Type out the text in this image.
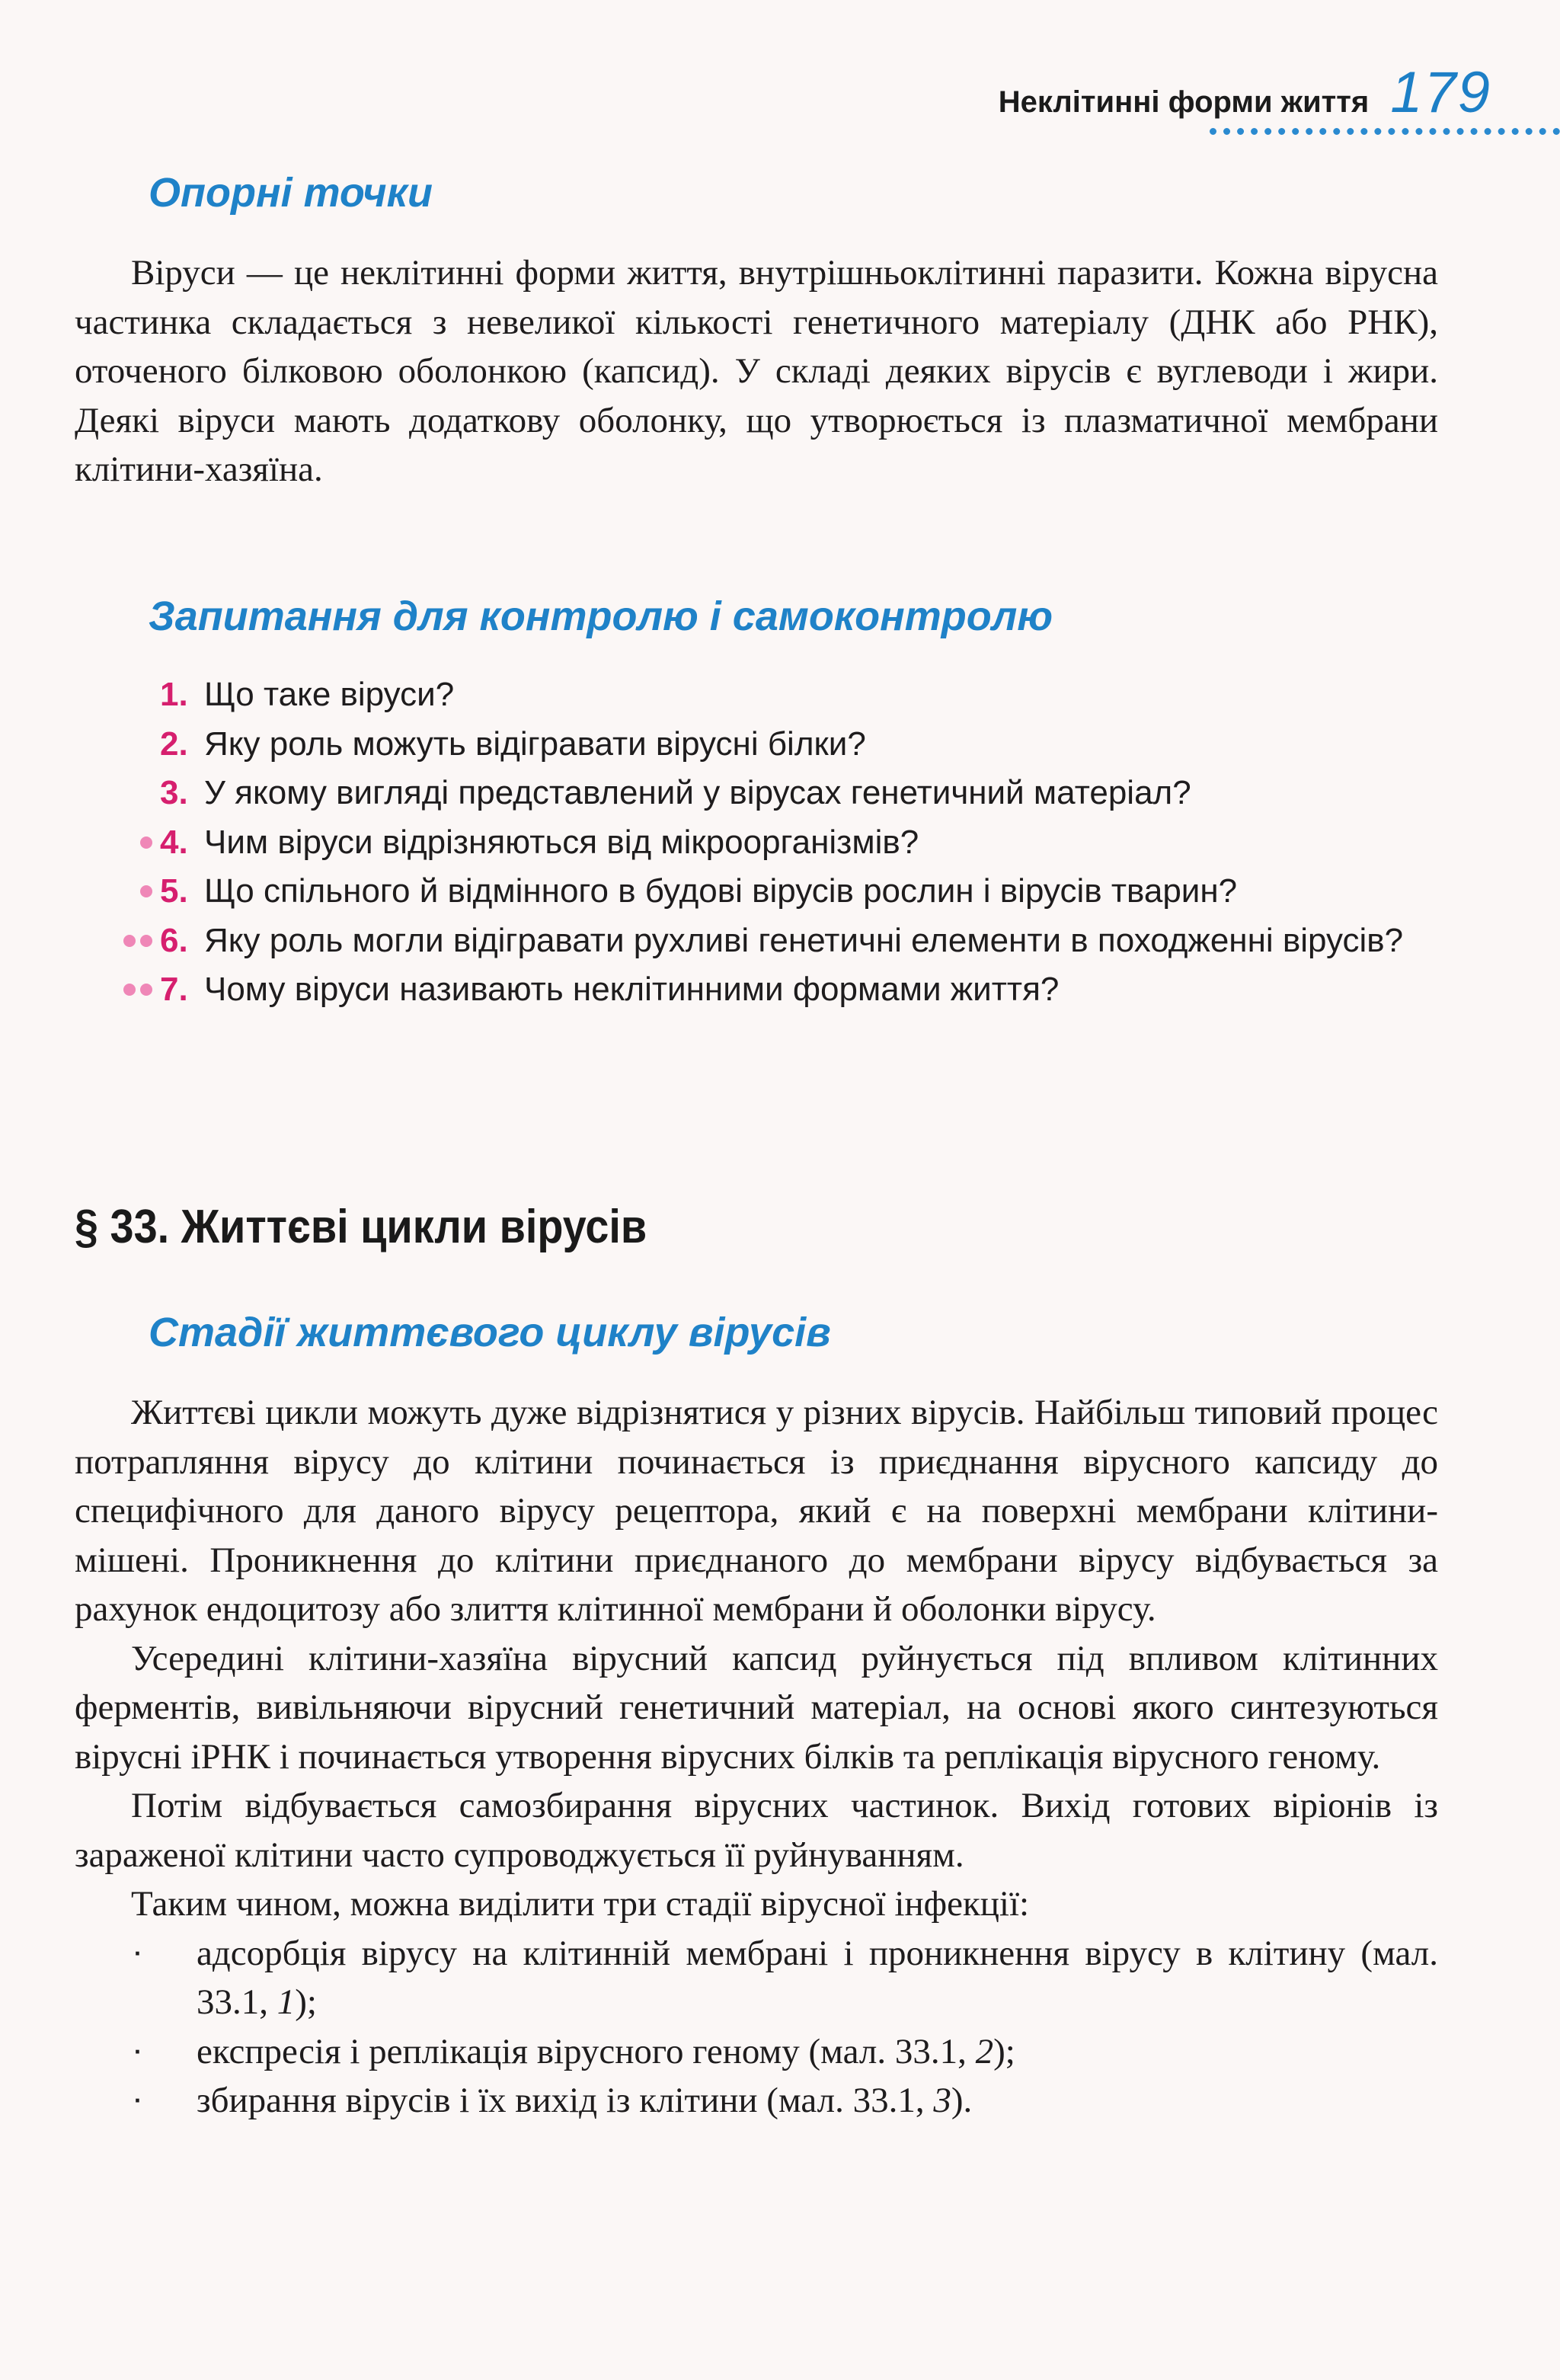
Неклітинні форми життя 179
Опорні точки

Віруси — це неклітинні форми життя, внутрішньоклітинні паразити. Кожна вірусна частинка складається з невеликої кількості генетичного матеріалу (ДНК або РНК), оточеного білковою оболонкою (капсид). У складі деяких вірусів є вуглеводи і жири. Деякі віруси мають додаткову оболонку, що утворюється із плазматичної мембрани клітини-хазяїна.

Запитання для контролю і самоконтролю
1. Що таке віруси?
2. Яку роль можуть відігравати вірусні білки?
3. У якому вигляді представлений у вірусах генетичний матеріал?
4. Чим віруси відрізняються від мікроорганізмів?
5. Що спільного й відмінного в будові вірусів рослин і вірусів тварин?
6. Яку роль могли відігравати рухливі генетичні елементи в походженні вірусів?
7. Чому віруси називають неклітинними формами життя?
§ 33. Життєві цикли вірусів
Стадії життєвого циклу вірусів

Життєві цикли можуть дуже відрізнятися у різних вірусів. Найбільш типовий процес потрапляння вірусу до клітини починається із приєднання вірусного капсиду до специфічного для даного вірусу рецептора, який є на поверхні мембрани клітини-мішені. Проникнення до клітини приєднаного до мембрани вірусу відбувається за рахунок ендоцитозу або злиття клітинної мембрани й оболонки вірусу.

Усередині клітини-хазяїна вірусний капсид руйнується під впливом клітинних ферментів, вивільняючи вірусний генетичний матеріал, на основі якого синтезуються вірусні іРНК і починається утворення вірусних білків та реплікація вірусного геному.

Потім відбувається самозбирання вірусних частинок. Вихід готових віріонів із зараженої клітини часто супроводжується її руйнуванням.

Таким чином, можна виділити три стадії вірусної інфекції:

·	адсорбція вірусу на клітинній мембрані і проникнення вірусу в клітину (мал. 33.1, 1);
·	експресія і реплікація вірусного геному (мал. 33.1, 2);
·	збирання вірусів і їх вихід із клітини (мал. 33.1, 3).
